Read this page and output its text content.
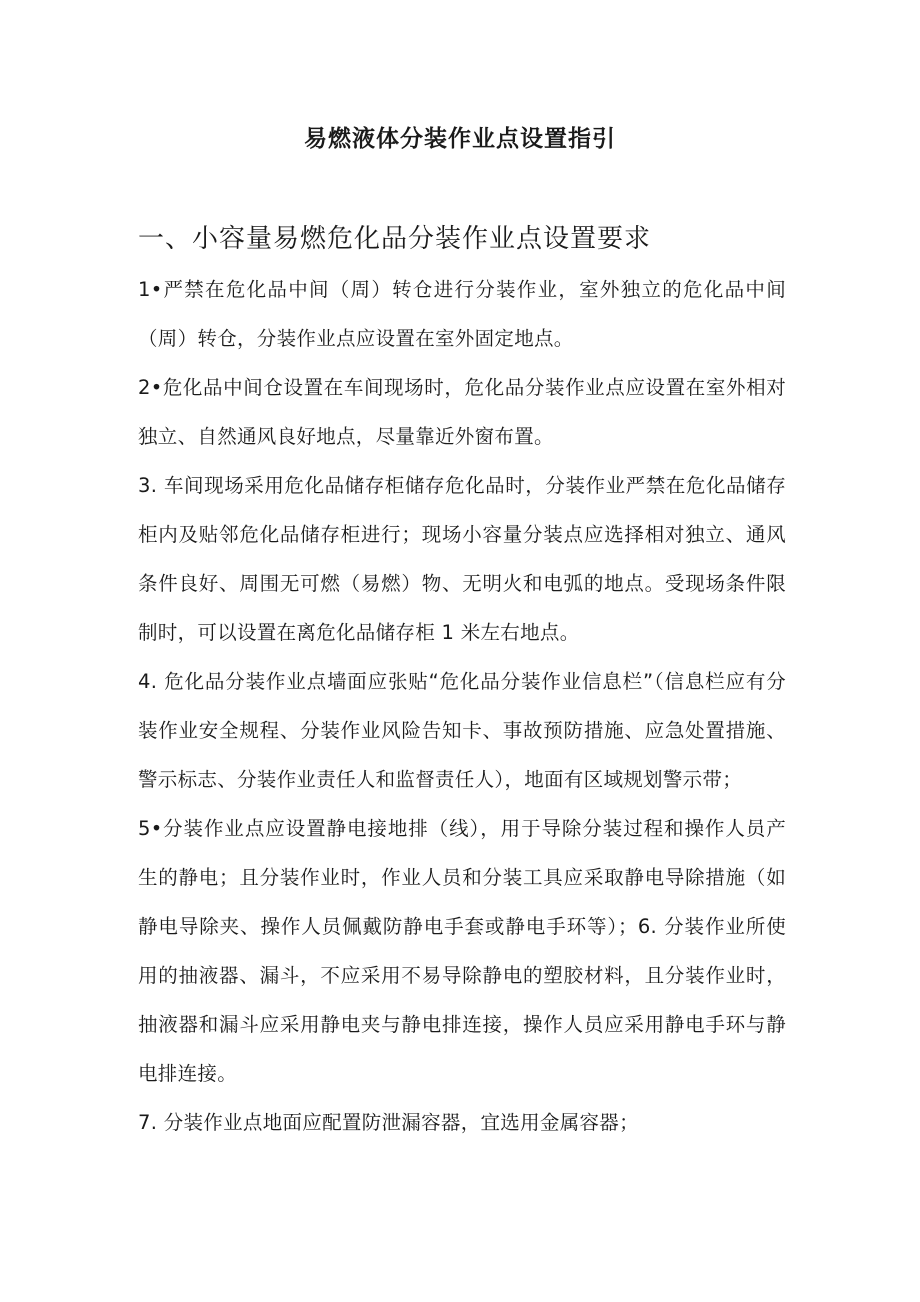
易燃液体分装作业点设置指引
一、小容量易燃危化品分装作业点设置要求

1•严禁在危化品中间（周）转仓进行分装作业，室外独立的危化品中间（周）转仓，分装作业点应设置在室外固定地点。

2•危化品中间仓设置在车间现场时，危化品分装作业点应设置在室外相对独立、自然通风良好地点，尽量靠近外窗布置。

3. 车间现场采用危化品储存柜储存危化品时，分装作业严禁在危化品储存柜内及贴邻危化品储存柜进行；现场小容量分装点应选择相对独立、通风条件良好、周围无可燃（易燃）物、无明火和电弧的地点。受现场条件限制时，可以设置在离危化品储存柜 1 米左右地点。

4. 危化品分装作业点墙面应张贴“危化品分装作业信息栏”（信息栏应有分装作业安全规程、分装作业风险告知卡、事故预防措施、应急处置措施、警示标志、分装作业责任人和监督责任人），地面有区域规划警示带；

5•分装作业点应设置静电接地排（线），用于导除分装过程和操作人员产生的静电；且分装作业时，作业人员和分装工具应采取静电导除措施（如静电导除夹、操作人员佩戴防静电手套或静电手环等）；6. 分装作业所使用的抽液器、漏斗，不应采用不易导除静电的塑胶材料，且分装作业时，抽液器和漏斗应采用静电夹与静电排连接，操作人员应采用静电手环与静电排连接。

7. 分装作业点地面应配置防泄漏容器，宜选用金属容器；
